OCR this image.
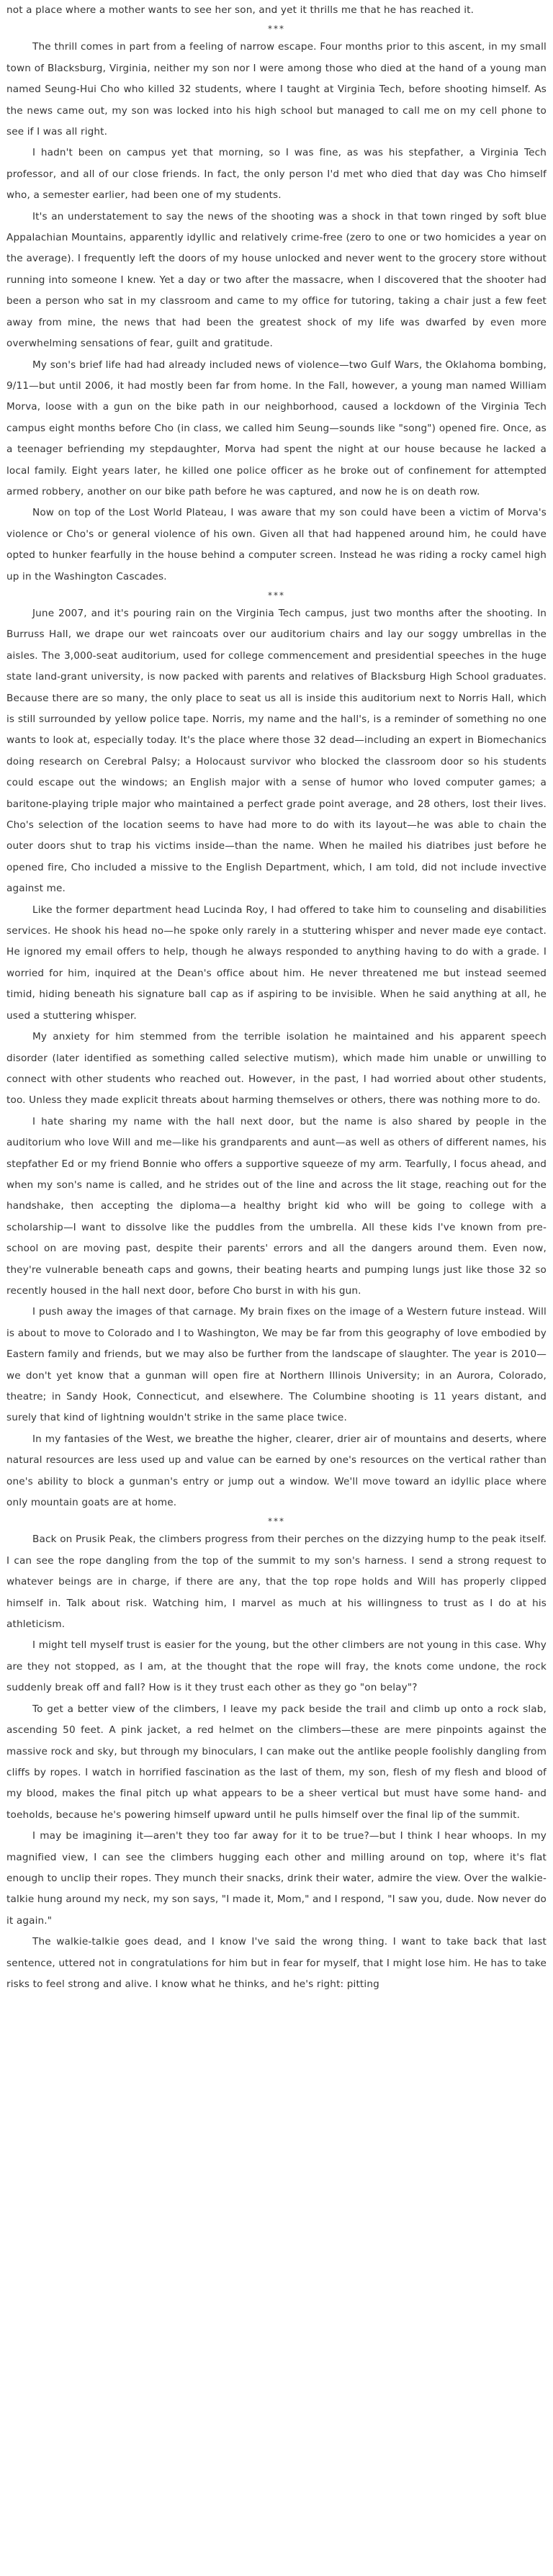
not a place where a mother wants to see her son, and yet it thrills me that he has reached it.

***

The thrill comes in part from a feeling of narrow escape. Four months prior to this ascent, in my small town of Blacksburg, Virginia, neither my son nor I were among those who died at the hand of a young man named Seung-Hui Cho who killed 32 students, where I taught at Virginia Tech, before shooting himself. As the news came out, my son was locked into his high school but managed to call me on my cell phone to see if I was all right.

I hadn't been on campus yet that morning, so I was fine, as was his stepfather, a Virginia Tech professor, and all of our close friends. In fact, the only person I'd met who died that day was Cho himself who, a semester earlier, had been one of my students.

It's an understatement to say the news of the shooting was a shock in that town ringed by soft blue Appalachian Mountains, apparently idyllic and relatively crime-free (zero to one or two homicides a year on the average). I frequently left the doors of my house unlocked and never went to the grocery store without running into someone I knew. Yet a day or two after the massacre, when I discovered that the shooter had been a person who sat in my classroom and came to my office for tutoring, taking a chair just a few feet away from mine, the news that had been the greatest shock of my life was dwarfed by even more overwhelming sensations of fear, guilt and gratitude.

My son's brief life had had already included news of violence—two Gulf Wars, the Oklahoma bombing, 9/11—but until 2006, it had mostly been far from home. In the Fall, however, a young man named William Morva, loose with a gun on the bike path in our neighborhood, caused a lockdown of the Virginia Tech campus eight months before Cho (in class, we called him Seung—sounds like "song") opened fire. Once, as a teenager befriending my stepdaughter, Morva had spent the night at our house because he lacked a local family. Eight years later, he killed one police officer as he broke out of confinement for attempted armed robbery, another on our bike path before he was captured, and now he is on death row.

Now on top of the Lost World Plateau, I was aware that my son could have been a victim of Morva's violence or Cho's or general violence of his own. Given all that had happened around him, he could have opted to hunker fearfully in the house behind a computer screen. Instead he was riding a rocky camel high up in the Washington Cascades.

***

June 2007, and it's pouring rain on the Virginia Tech campus, just two months after the shooting. In Burruss Hall, we drape our wet raincoats over our auditorium chairs and lay our soggy umbrellas in the aisles. The 3,000-seat auditorium, used for college commencement and presidential speeches in the huge state land-grant university, is now packed with parents and relatives of Blacksburg High School graduates. Because there are so many, the only place to seat us all is inside this auditorium next to Norris Hall, which is still surrounded by yellow police tape. Norris, my name and the hall's, is a reminder of something no one wants to look at, especially today. It's the place where those 32 dead—including an expert in Biomechanics doing research on Cerebral Palsy; a Holocaust survivor who blocked the classroom door so his students could escape out the windows; an English major with a sense of humor who loved computer games; a baritone-playing triple major who maintained a perfect grade point average, and 28 others, lost their lives. Cho's selection of the location seems to have had more to do with its layout—he was able to chain the outer doors shut to trap his victims inside—than the name. When he mailed his diatribes just before he opened fire, Cho included a missive to the English Department, which, I am told, did not include invective against me.

Like the former department head Lucinda Roy, I had offered to take him to counseling and disabilities services. He shook his head no—he spoke only rarely in a stuttering whisper and never made eye contact. He ignored my email offers to help, though he always responded to anything having to do with a grade. I worried for him, inquired at the Dean's office about him. He never threatened me but instead seemed timid, hiding beneath his signature ball cap as if aspiring to be invisible. When he said anything at all, he used a stuttering whisper.

My anxiety for him stemmed from the terrible isolation he maintained and his apparent speech disorder (later identified as something called selective mutism), which made him unable or unwilling to connect with other students who reached out. However, in the past, I had worried about other students, too. Unless they made explicit threats about harming themselves or others, there was nothing more to do.

I hate sharing my name with the hall next door, but the name is also shared by people in the auditorium who love Will and me—like his grandparents and aunt—as well as others of different names, his stepfather Ed or my friend Bonnie who offers a supportive squeeze of my arm. Tearfully, I focus ahead, and when my son's name is called, and he strides out of the line and across the lit stage, reaching out for the handshake, then accepting the diploma—a healthy bright kid who will be going to college with a scholarship—I want to dissolve like the puddles from the umbrella. All these kids I've known from pre-school on are moving past, despite their parents' errors and all the dangers around them. Even now, they're vulnerable beneath caps and gowns, their beating hearts and pumping lungs just like those 32 so recently housed in the hall next door, before Cho burst in with his gun.

I push away the images of that carnage. My brain fixes on the image of a Western future instead. Will is about to move to Colorado and I to Washington, We may be far from this geography of love embodied by Eastern family and friends, but we may also be further from the landscape of slaughter. The year is 2010—we don't yet know that a gunman will open fire at Northern Illinois University; in an Aurora, Colorado, theatre; in Sandy Hook, Connecticut, and elsewhere. The Columbine shooting is 11 years distant, and surely that kind of lightning wouldn't strike in the same place twice.

In my fantasies of the West, we breathe the higher, clearer, drier air of mountains and deserts, where natural resources are less used up and value can be earned by one's resources on the vertical rather than one's ability to block a gunman's entry or jump out a window. We'll move toward an idyllic place where only mountain goats are at home.

***

Back on Prusik Peak, the climbers progress from their perches on the dizzying hump to the peak itself. I can see the rope dangling from the top of the summit to my son's harness. I send a strong request to whatever beings are in charge, if there are any, that the top rope holds and Will has properly clipped himself in. Talk about risk. Watching him, I marvel as much at his willingness to trust as I do at his athleticism.

I might tell myself trust is easier for the young, but the other climbers are not young in this case. Why are they not stopped, as I am, at the thought that the rope will fray, the knots come undone, the rock suddenly break off and fall? How is it they trust each other as they go "on belay"?

To get a better view of the climbers, I leave my pack beside the trail and climb up onto a rock slab, ascending 50 feet. A pink jacket, a red helmet on the climbers—these are mere pinpoints against the massive rock and sky, but through my binoculars, I can make out the antlike people foolishly dangling from cliffs by ropes. I watch in horrified fascination as the last of them, my son, flesh of my flesh and blood of my blood, makes the final pitch up what appears to be a sheer vertical but must have some hand- and toeholds, because he's powering himself upward until he pulls himself over the final lip of the summit.

I may be imagining it—aren't they too far away for it to be true?—but I think I hear whoops. In my magnified view, I can see the climbers hugging each other and milling around on top, where it's flat enough to unclip their ropes. They munch their snacks, drink their water, admire the view. Over the walkie-talkie hung around my neck, my son says, "I made it, Mom," and I respond, "I saw you, dude. Now never do it again."

The walkie-talkie goes dead, and I know I've said the wrong thing. I want to take back that last sentence, uttered not in congratulations for him but in fear for myself, that I might lose him. He has to take risks to feel strong and alive. I know what he thinks, and he's right: pitting
